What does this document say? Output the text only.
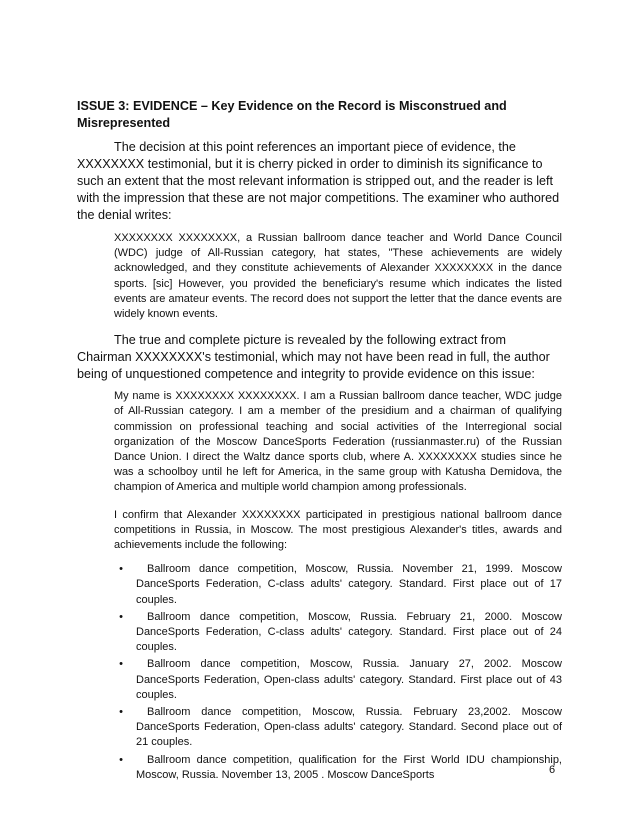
ISSUE 3: EVIDENCE – Key Evidence on the Record is Misconstrued and Misrepresented

The decision at this point references an important piece of evidence, the XXXXXXXX testimonial, but it is cherry picked in order to diminish its significance to such an extent that the most relevant information is stripped out, and the reader is left with the impression that these are not major competitions. The examiner who authored the denial writes:

XXXXXXXX XXXXXXXX, a Russian ballroom dance teacher and World Dance Council (WDC) judge of All-Russian category, hat states, "These achievements are widely acknowledged, and they constitute achievements of Alexander XXXXXXXX in the dance sports. [sic] However, you provided the beneficiary's resume which indicates the listed events are amateur events. The record does not support the letter that the dance events are widely known events.

The true and complete picture is revealed by the following extract from Chairman XXXXXXXX's testimonial, which may not have been read in full, the author being of unquestioned competence and integrity to provide evidence on this issue:

My name is XXXXXXXX XXXXXXXX. I am a Russian ballroom dance teacher, WDC judge of All-Russian category. I am a member of the presidium and a chairman of qualifying commission on professional teaching and social activities of the Interregional social organization of the Moscow DanceSports Federation (russianmaster.ru) of the Russian Dance Union. I direct the Waltz dance sports club, where A. XXXXXXXX studies since he was a schoolboy until he left for America, in the same group with Katusha Demidova, the champion of America and multiple world champion among professionals.

I confirm that Alexander XXXXXXXX participated in prestigious national ballroom dance competitions in Russia, in Moscow. The most prestigious Alexander's titles, awards and achievements include the following:

•	Ballroom dance competition, Moscow, Russia. November 21, 1999. Moscow DanceSports Federation, C-class adults' category. Standard. First place out of 17 couples.
•	Ballroom dance competition, Moscow, Russia. February 21, 2000. Moscow DanceSports Federation, C-class adults' category. Standard. First place out of 24 couples.
•	Ballroom dance competition, Moscow, Russia. January 27, 2002. Moscow DanceSports Federation, Open-class adults' category. Standard. First place out of 43 couples.
•	Ballroom dance competition, Moscow, Russia. February 23,2002. Moscow DanceSports Federation, Open-class adults' category. Standard. Second place out of 21 couples.
•	Ballroom dance competition, qualification for the First World IDU championship, Moscow, Russia. November 13, 2005 . Moscow DanceSports	6
